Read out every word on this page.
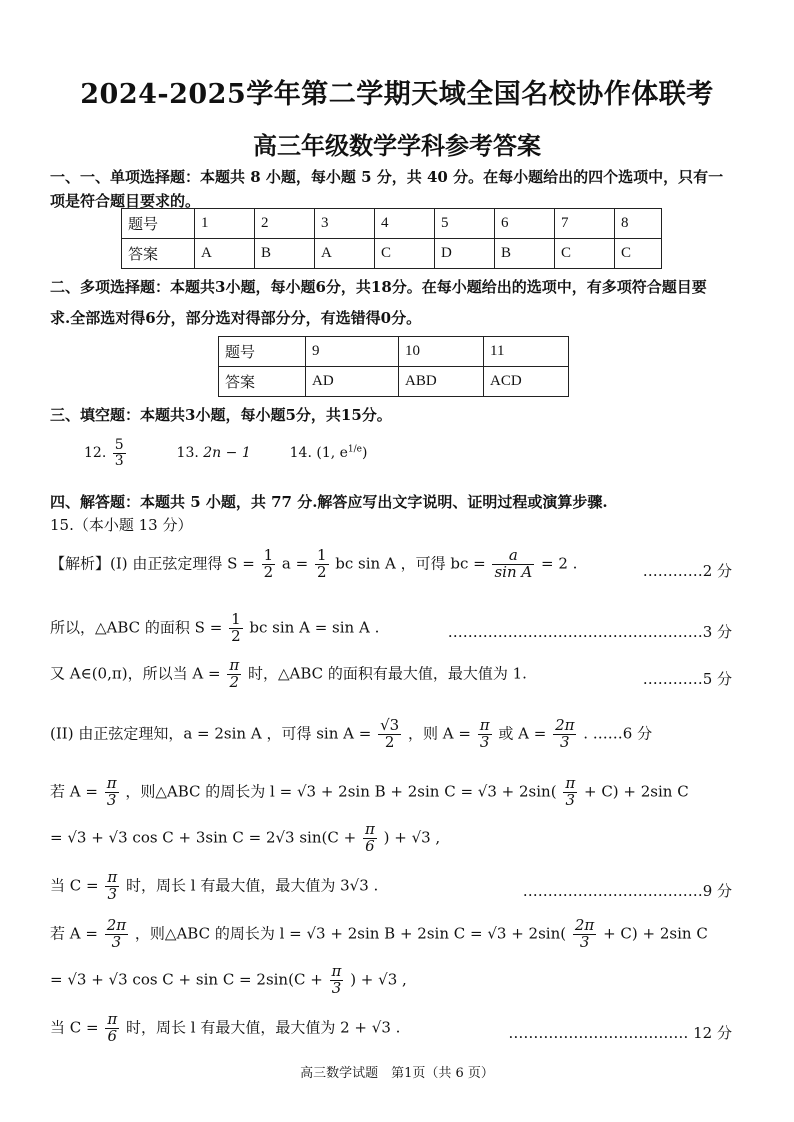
2024-2025学年第二学期天域全国名校协作体联考
高三年级数学学科参考答案
一、一、单项选择题：本题共 8 小题，每小题 5 分，共 40 分。在每小题给出的四个选项中，只有一
项是符合题目要求的。
题号	1	2	3	4	5	6	7	8
答案	A	B	A	C	D	B	C	C
二、多项选择题：本题共3小题，每小题6分，共18分。在每小题给出的选项中，有多项符合题目要
求.全部选对得6分，部分选对得部分分，有选错得0分。
题号	9	10	11
答案	AD	ABD	ACD
三、填空题：本题共3小题，每小题5分，共15分。
12. $\frac{5}{3}$	13. 2n − 1	14. (1, $e^{1/e}$)
四、解答题：本题共 5 小题，共 77 分.解答应写出文字说明、证明过程或演算步骤.
15.（本小题 13 分）
【解析】(I) 由正弦定理得 $S = \frac{1}{2}$ $a = \frac{1}{2}$ bc sin A ，可得 bc = $\frac{a}{\text{sin A}} = 2$ .	…………2 分
所以，△ABC 的面积 $S = \frac{1}{2}$ bc sin A = sin A .	……………………………………………3 分
又 A∈(0,π)，所以当 $A = \frac{\pi}{2}$ 时，△ABC 的面积有最大值，最大值为 1.	…………5 分
(II) 由正弦定理知，a = 2sin A ，可得 $\sin A = \frac{√3}{2}$ ，则 $A = \frac{\pi}{3}$ 或 $A = \frac{2\pi}{3}$ . ……6 分
若 $A = \frac{\pi}{3}$ ，则△ABC 的周长为 l = √3 + 2sin B + 2sin $C = √3 + 2\sin( \frac{\pi}{3} + C) + 2\sin$ C
= √3 + √3 cos C + 3sin C = 2√3 $\sin(C + \frac{\pi}{6}$ ) + √3 ,
当 $C = \frac{\pi}{3}$ 时，周长 l 有最大值，最大值为 3√3 .	………………………………9 分
若 $A = \frac{2\pi}{3}$ ，则△ABC 的周长为 l = √3 + 2sin B + 2sin $C = √3 + 2\sin( \frac{2\pi}{3} + C) + 2\sin$ C
= √3 + √3 $\cos C + \sin C = 2\sin(C + \frac{\pi}{3}$ ) + √3 ,
当 $C = \frac{\pi}{6}$ 时，周长 l 有最大值，最大值为 2 + √3 .	……………………………… 12 分
高三数学试题　第1页（共 6 页）
